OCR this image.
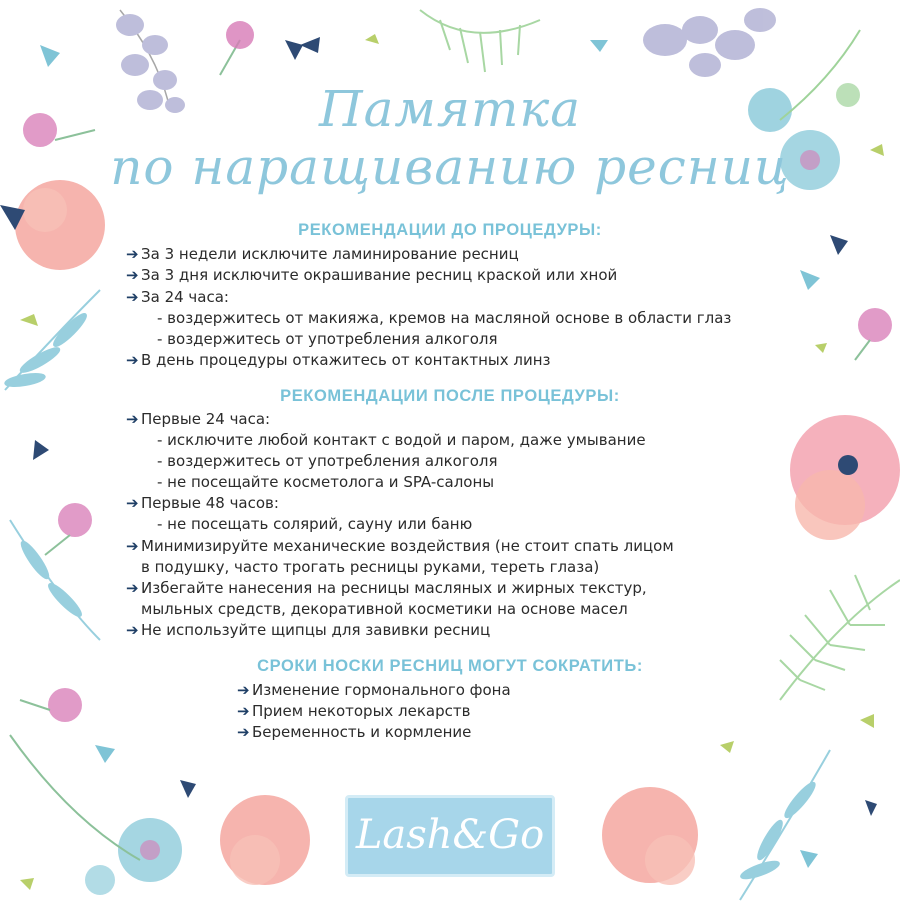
Памятка
по наращиванию ресниц
РЕКОМЕНДАЦИИ ДО ПРОЦЕДУРЫ:
➔ За 3 недели исключите ламинирование ресниц
➔ За 3 дня исключите окрашивание ресниц краской или хной
➔ За 24 часа:
- воздержитесь от макияжа, кремов на масляной основе в области глаз
- воздержитесь от употребления алкоголя
➔ В день процедуры откажитесь от контактных линз
РЕКОМЕНДАЦИИ ПОСЛЕ ПРОЦЕДУРЫ:
➔ Первые 24 часа:
- исключите любой контакт с водой и паром, даже умывание
- воздержитесь от употребления алкоголя
- не посещайте косметолога и SPA-салоны
➔ Первые 48 часов:
- не посещать солярий, сауну или баню
➔ Минимизируйте механические воздействия (не стоит спать лицом
в подушку, часто трогать ресницы руками, тереть глаза)
➔ Избегайте нанесения на ресницы масляных и жирных текстур,
мыльных средств, декоративной косметики на основе масел
➔ Не используйте щипцы для завивки ресниц
СРОКИ НОСКИ РЕСНИЦ МОГУТ СОКРАТИТЬ:
➔ Изменение гормонального фона
➔ Прием некоторых лекарств
➔ Беременность и кормление
Lash&Go
